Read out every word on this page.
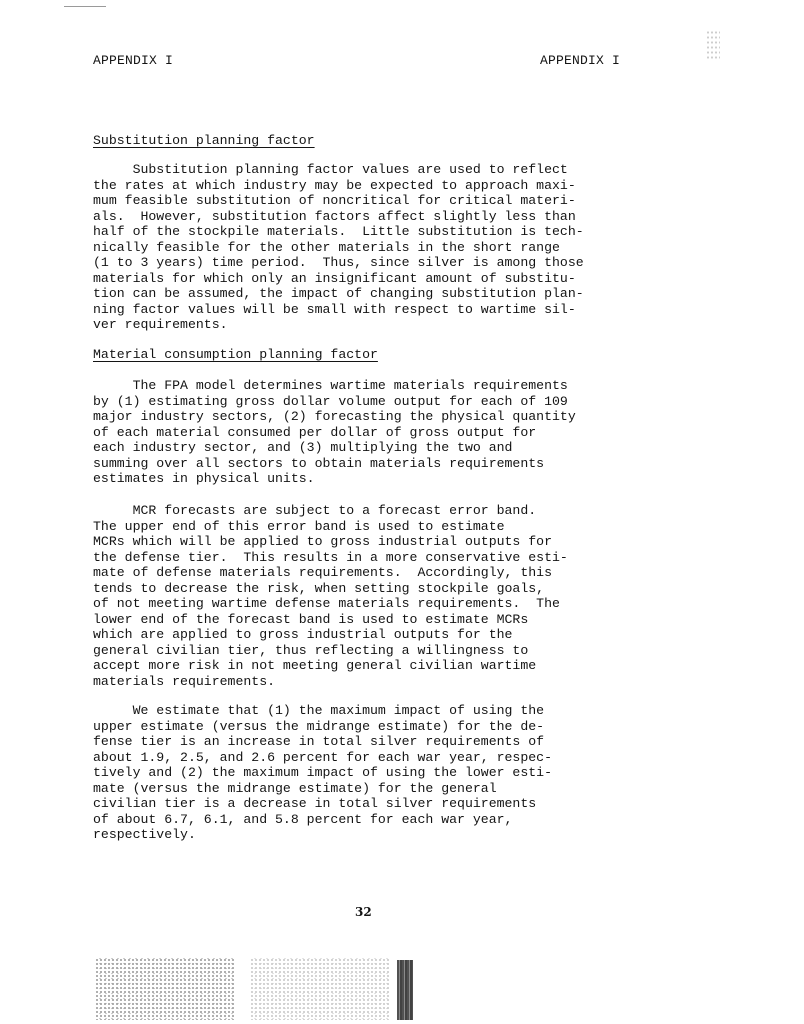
APPENDIX I	APPENDIX I
Substitution planning factor
Substitution planning factor values are used to reflect
the rates at which industry may be expected to approach maxi-
mum feasible substitution of noncritical for critical materi-
als.  However, substitution factors affect slightly less than
half of the stockpile materials.  Little substitution is tech-
nically feasible for the other materials in the short range
(1 to 3 years) time period.  Thus, since silver is among those
materials for which only an insignificant amount of substitu-
tion can be assumed, the impact of changing substitution plan-
ning factor values will be small with respect to wartime sil-
ver requirements.
Material consumption planning factor
The FPA model determines wartime materials requirements
by (1) estimating gross dollar volume output for each of 109
major industry sectors, (2) forecasting the physical quantity
of each material consumed per dollar of gross output for
each industry sector, and (3) multiplying the two and
summing over all sectors to obtain materials requirements
estimates in physical units.
MCR forecasts are subject to a forecast error band.
The upper end of this error band is used to estimate
MCRs which will be applied to gross industrial outputs for
the defense tier.  This results in a more conservative esti-
mate of defense materials requirements.  Accordingly, this
tends to decrease the risk, when setting stockpile goals,
of not meeting wartime defense materials requirements.  The
lower end of the forecast band is used to estimate MCRs
which are applied to gross industrial outputs for the
general civilian tier, thus reflecting a willingness to
accept more risk in not meeting general civilian wartime
materials requirements.
We estimate that (1) the maximum impact of using the
upper estimate (versus the midrange estimate) for the de-
fense tier is an increase in total silver requirements of
about 1.9, 2.5, and 2.6 percent for each war year, respec-
tively and (2) the maximum impact of using the lower esti-
mate (versus the midrange estimate) for the general
civilian tier is a decrease in total silver requirements
of about 6.7, 6.1, and 5.8 percent for each war year,
respectively.
32
